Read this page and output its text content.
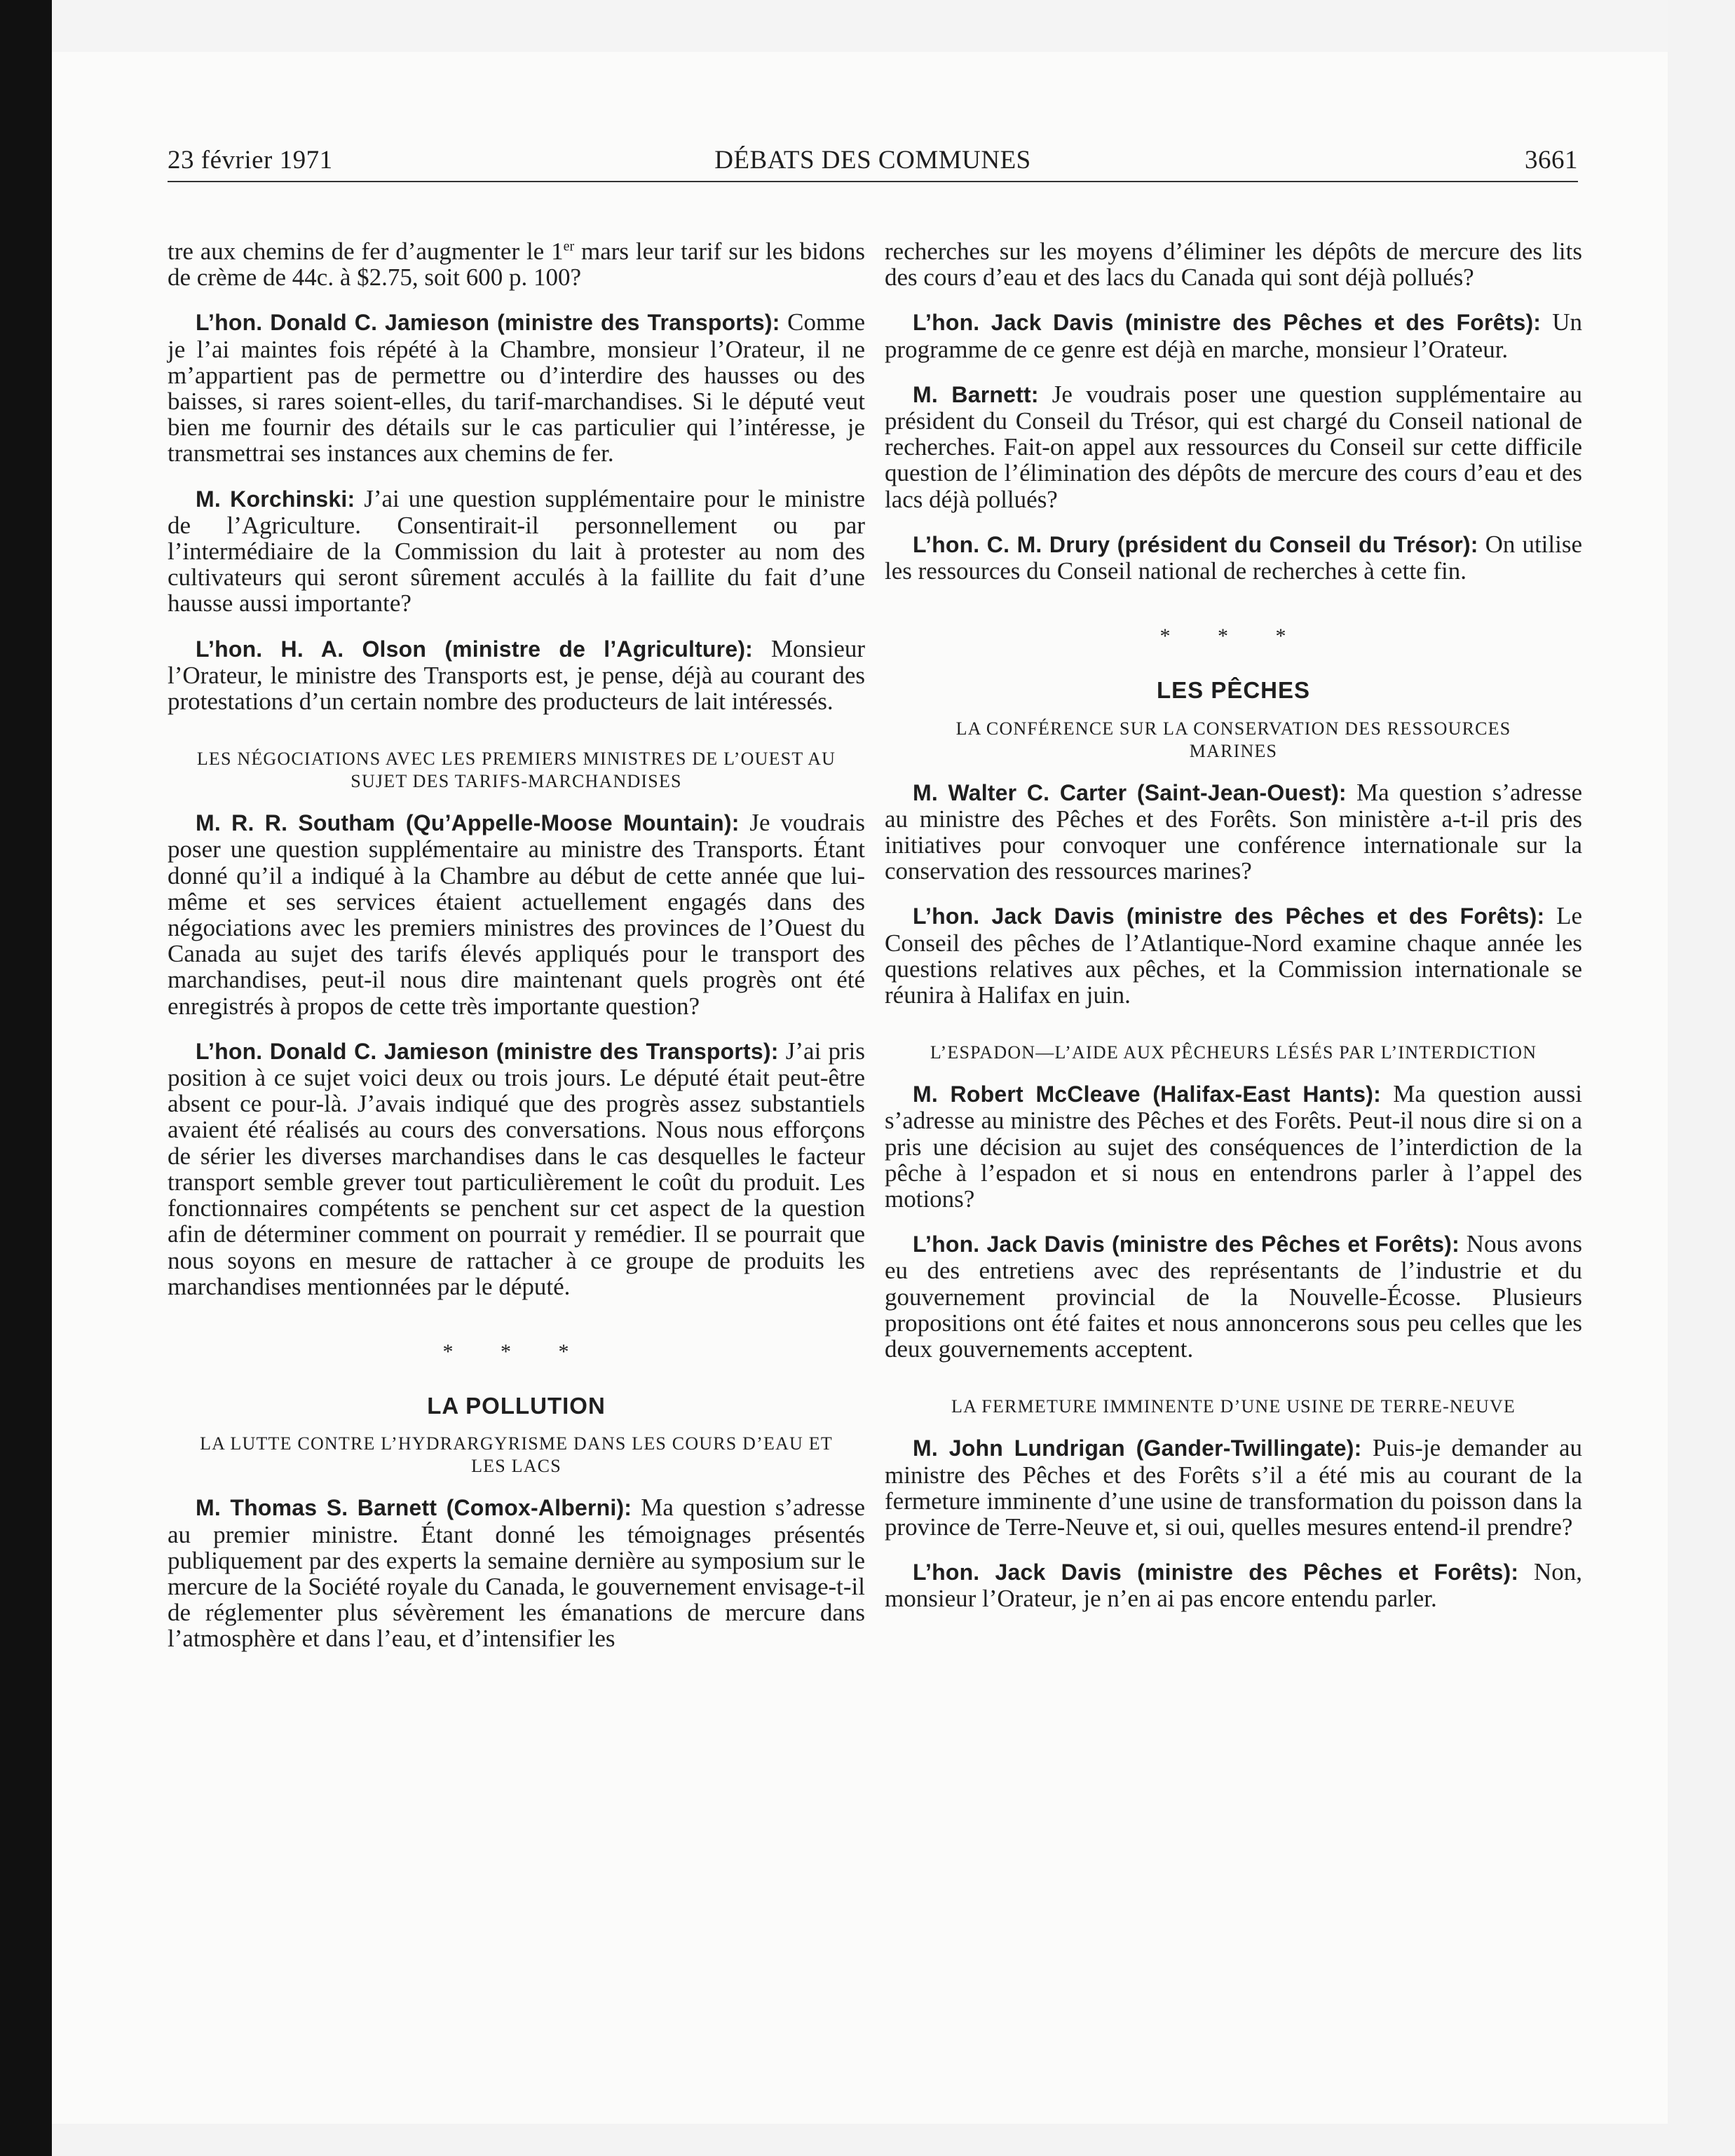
23 février 1971	DÉBATS DES COMMUNES	3661

tre aux chemins de fer d’augmenter le 1er mars leur tarif sur les bidons de crème de 44c. à $2.75, soit 600 p. 100?

L’hon. Donald C. Jamieson (ministre des Transports): Comme je l’ai maintes fois répété à la Chambre, monsieur l’Orateur, il ne m’appartient pas de permettre ou d’interdire des hausses ou des baisses, si rares soient-elles, du tarif-marchandises. Si le député veut bien me fournir des détails sur le cas particulier qui l’intéresse, je transmettrai ses instances aux chemins de fer.

M. Korchinski: J’ai une question supplémentaire pour le ministre de l’Agriculture. Consentirait-il personnellement ou par l’intermédiaire de la Commission du lait à protester au nom des cultivateurs qui seront sûrement acculés à la faillite du fait d’une hausse aussi importante?

L’hon. H. A. Olson (ministre de l’Agriculture): Monsieur l’Orateur, le ministre des Transports est, je pense, déjà au courant des protestations d’un certain nombre des producteurs de lait intéressés.

LES NÉGOCIATIONS AVEC LES PREMIERS MINISTRES DE L’OUEST AU SUJET DES TARIFS-MARCHANDISES

M. R. R. Southam (Qu’Appelle-Moose Mountain): Je voudrais poser une question supplémentaire au ministre des Transports. Étant donné qu’il a indiqué à la Chambre au début de cette année que lui-même et ses services étaient actuellement engagés dans des négociations avec les premiers ministres des provinces de l’Ouest du Canada au sujet des tarifs élevés appliqués pour le transport des marchandises, peut-il nous dire maintenant quels progrès ont été enregistrés à propos de cette très importante question?

L’hon. Donald C. Jamieson (ministre des Transports): J’ai pris position à ce sujet voici deux ou trois jours. Le député était peut-être absent ce pour-là. J’avais indiqué que des progrès assez substantiels avaient été réalisés au cours des conversations. Nous nous efforçons de sérier les diverses marchandises dans le cas desquelles le facteur transport semble grever tout particulièrement le coût du produit. Les fonctionnaires compétents se penchent sur cet aspect de la question afin de déterminer comment on pourrait y remédier. Il se pourrait que nous soyons en mesure de rattacher à ce groupe de produits les marchandises mentionnées par le député.

* * *
LA POLLUTION
LA LUTTE CONTRE L’HYDRARGYRISME DANS LES COURS D’EAU ET LES LACS

M. Thomas S. Barnett (Comox-Alberni): Ma question s’adresse au premier ministre. Étant donné les témoignages présentés publiquement par des experts la semaine dernière au symposium sur le mercure de la Société royale du Canada, le gouvernement envisage-t-il de réglementer plus sévèrement les émanations de mercure dans l’atmosphère et dans l’eau, et d’intensifier les

recherches sur les moyens d’éliminer les dépôts de mercure des lits des cours d’eau et des lacs du Canada qui sont déjà pollués?

L’hon. Jack Davis (ministre des Pêches et des Forêts): Un programme de ce genre est déjà en marche, monsieur l’Orateur.

M. Barnett: Je voudrais poser une question supplémentaire au président du Conseil du Trésor, qui est chargé du Conseil national de recherches. Fait-on appel aux ressources du Conseil sur cette difficile question de l’élimination des dépôts de mercure des cours d’eau et des lacs déjà pollués?

L’hon. C. M. Drury (président du Conseil du Trésor): On utilise les ressources du Conseil national de recherches à cette fin.

* * *
LES PÊCHES
LA CONFÉRENCE SUR LA CONSERVATION DES RESSOURCES MARINES

M. Walter C. Carter (Saint-Jean-Ouest): Ma question s’adresse au ministre des Pêches et des Forêts. Son ministère a-t-il pris des initiatives pour convoquer une conférence internationale sur la conservation des ressources marines?

L’hon. Jack Davis (ministre des Pêches et des Forêts): Le Conseil des pêches de l’Atlantique-Nord examine chaque année les questions relatives aux pêches, et la Commission internationale se réunira à Halifax en juin.

L’ESPADON—L’AIDE AUX PÊCHEURS LÉSÉS PAR L’INTERDICTION

M. Robert McCleave (Halifax-East Hants): Ma question aussi s’adresse au ministre des Pêches et des Forêts. Peut-il nous dire si on a pris une décision au sujet des conséquences de l’interdiction de la pêche à l’espadon et si nous en entendrons parler à l’appel des motions?

L’hon. Jack Davis (ministre des Pêches et Forêts): Nous avons eu des entretiens avec des représentants de l’industrie et du gouvernement provincial de la Nouvelle-Écosse. Plusieurs propositions ont été faites et nous annoncerons sous peu celles que les deux gouvernements acceptent.

LA FERMETURE IMMINENTE D’UNE USINE DE TERRE-NEUVE

M. John Lundrigan (Gander-Twillingate): Puis-je demander au ministre des Pêches et des Forêts s’il a été mis au courant de la fermeture imminente d’une usine de transformation du poisson dans la province de Terre-Neuve et, si oui, quelles mesures entend-il prendre?

L’hon. Jack Davis (ministre des Pêches et Forêts): Non, monsieur l’Orateur, je n’en ai pas encore entendu parler.
